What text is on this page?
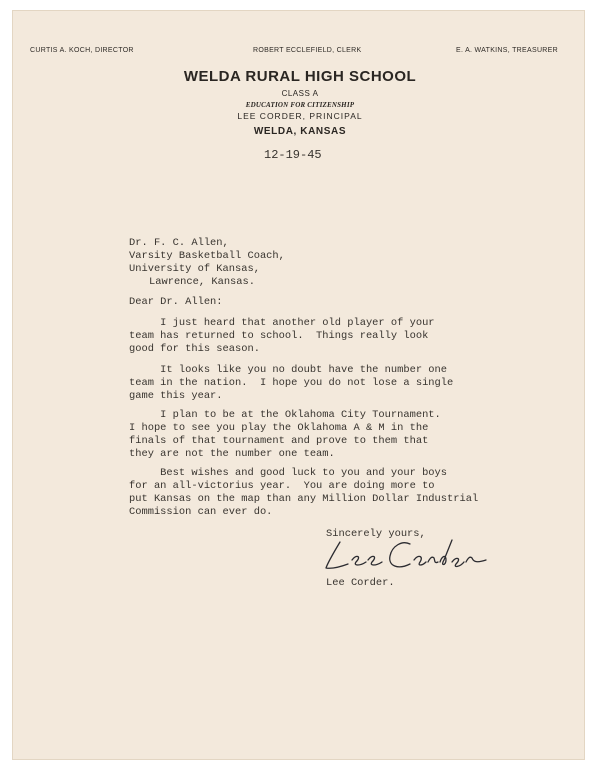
CURTIS A. KOCH, DIRECTOR	ROBERT ECCLEFIELD, CLERK	E. A. WATKINS, TREASURER
WELDA RURAL HIGH SCHOOL
CLASS A
EDUCATION FOR CITIZENSHIP
LEE CORDER, PRINCIPAL
WELDA, KANSAS
12-19-45
Dr. F. C. Allen,
Varsity Basketball Coach,
University of Kansas,
Lawrence, Kansas.
Dear Dr. Allen:
I just heard that another old player of your
team has returned to school.  Things really look
good for this season.
It looks like you no doubt have the number one
team in the nation.  I hope you do not lose a single
game this year.
I plan to be at the Oklahoma City Tournament.
I hope to see you play the Oklahoma A & M in the
finals of that tournament and prove to them that
they are not the number one team.
Best wishes and good luck to you and your boys
for an all-victorius year.  You are doing more to
put Kansas on the map than any Million Dollar Industrial
Commission can ever do.
Sincerely yours,
Lee Corder.
